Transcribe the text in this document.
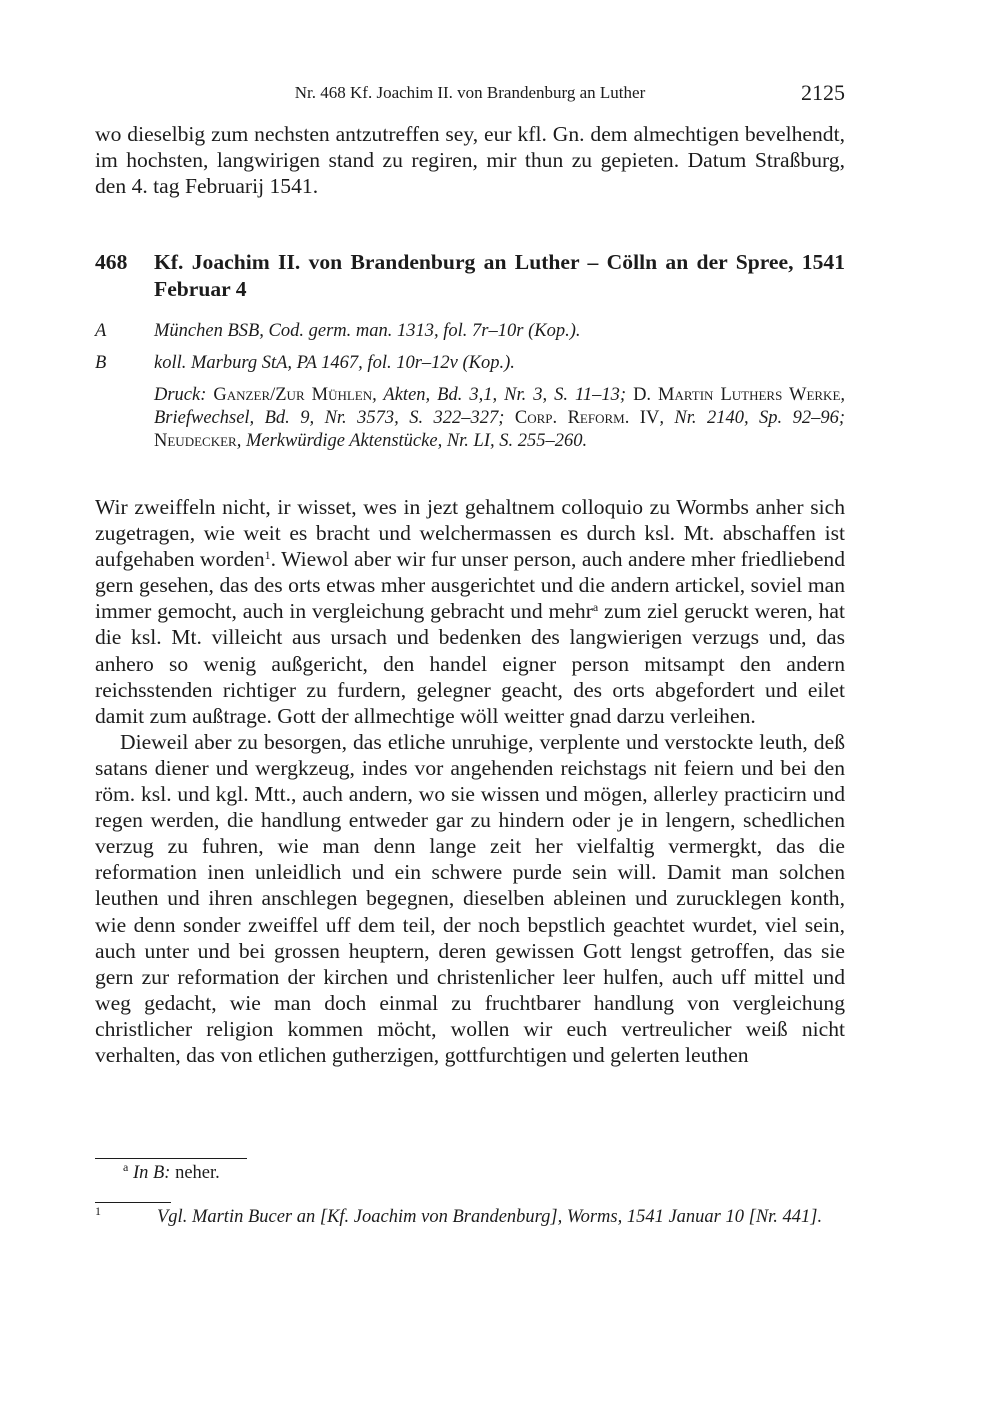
Nr. 468 Kf. Joachim II. von Brandenburg an Luther	2125

wo dieselbig zum nechsten antzutreffen sey, eur kfl. Gn. dem almechtigen bevelhendt, im hochsten, langwirigen stand zu regiren, mir thun zu gepieten. Datum Straßburg, den 4. tag Februarij 1541.

468 Kf. Joachim II. von Brandenburg an Luther – Cölln an der Spree, 1541 Februar 4
A	München BSB, Cod. germ. man. 1313, fol. 7r–10r (Kop.).
B	koll. Marburg StA, PA 1467, fol. 10r–12v (Kop.).
Druck: Ganzer/Zur Mühlen, Akten, Bd. 3,1, Nr. 3, S. 11–13; D. Martin Luthers Werke, Briefwechsel, Bd. 9, Nr. 3573, S. 322–327; Corp. Reform. IV, Nr. 2140, Sp. 92–96; Neudecker, Merkwürdige Aktenstücke, Nr. LI, S. 255–260.

Wir zweiffeln nicht, ir wisset, wes in jezt gehaltnem colloquio zu Wormbs anher sich zugetragen, wie weit es bracht und welchermassen es durch ksl. Mt. abschaffen ist aufgehaben worden$^1$. Wiewol aber wir fur unser person, auch andere mher friedliebend gern gesehen, das des orts etwas mher ausgerichtet und die andern artickel, soviel man immer gemocht, auch in vergleichung gebracht und mehr$^a$ zum ziel geruckt weren, hat die ksl. Mt. villeicht aus ursach und bedenken des langwierigen verzugs und, das anhero so wenig außgericht, den handel eigner person mitsampt den andern reichsstenden richtiger zu furdern, gelegner geacht, des orts abgefordert und eilet damit zum außtrage. Gott der allmechtige wöll weitter gnad darzu verleihen.

Dieweil aber zu besorgen, das etliche unruhige, verplente und verstockte leuth, deß satans diener und wergkzeug, indes vor angehenden reichstags nit feiern und bei den röm. ksl. und kgl. Mtt., auch andern, wo sie wissen und mögen, allerley practicirn und regen werden, die handlung entweder gar zu hindern oder je in lengern, schedlichen verzug zu fuhren, wie man denn lange zeit her vielfaltig vermergkt, das die reformation inen unleidlich und ein schwere purde sein will. Damit man solchen leuthen und ihren anschlegen begegnen, dieselben ableinen und zurucklegen konth, wie denn sonder zweiffel uff dem teil, der noch bepstlich geachtet wurdet, viel sein, auch unter und bei grossen heuptern, deren gewissen Gott lengst getroffen, das sie gern zur reformation der kirchen und christenlicher leer hulfen, auch uff mittel und weg gedacht, wie man doch einmal zu fruchtbarer handlung von vergleichung christlicher religion kommen möcht, wollen wir euch vertreulicher weiß nicht verhalten, das von etlichen gutherzigen, gottfurchtigen und gelerten leuthen

$^a$ In B: neher.
$^1$	Vgl. Martin Bucer an [Kf. Joachim von Brandenburg], Worms, 1541 Januar 10 [Nr. 441].
